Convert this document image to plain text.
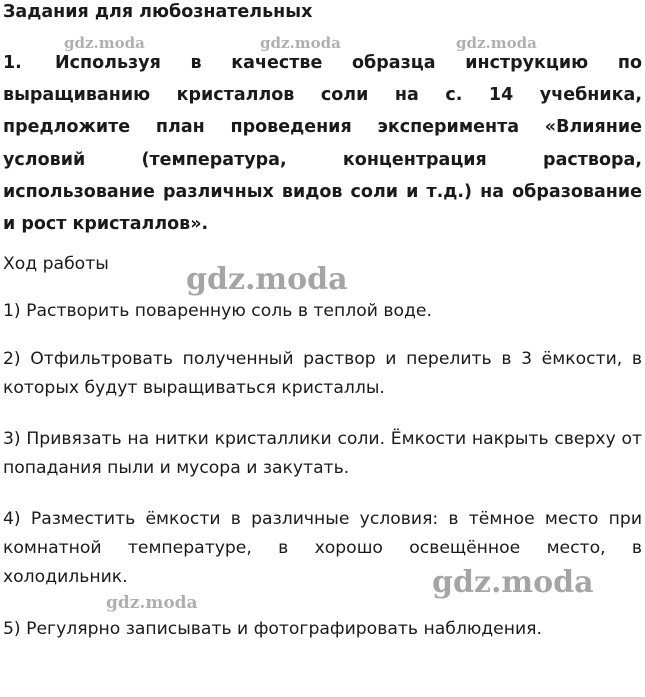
Задания для любознательных

1. Используя в качестве образца инструкцию по выращиванию кристаллов соли на с. 14 учебника, предложите план проведения эксперимента «Влияние условий (температура, концентрация раствора, использование различных видов соли и т.д.) на образование и рост кристаллов».

Ход работы

1) Растворить поваренную соль в теплой воде.

2) Отфильтровать полученный раствор и перелить в 3 ёмкости, в которых будут выращиваться кристаллы.

3) Привязать на нитки кристаллики соли. Ёмкости накрыть сверху от попадания пыли и мусора и закутать.

4) Разместить ёмкости в различные условия: в тёмное место при комнатной температуре, в хорошо освещённое место, в холодильник.

5) Регулярно записывать и фотографировать наблюдения.

gdz.moda	gdz.moda	gdz.moda
gdz.moda
gdz.moda
gdz.moda
